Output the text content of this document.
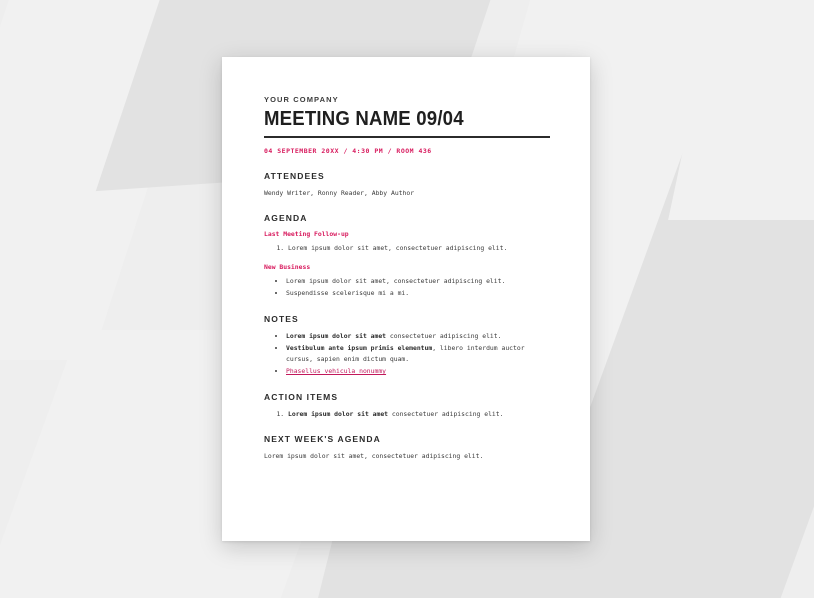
YOUR COMPANY
MEETING NAME 09/04
04 SEPTEMBER 20XX / 4:30 PM / ROOM 436
ATTENDEES

Wendy Writer, Ronny Reader, Abby Author

AGENDA
Last Meeting Follow-up
1. Lorem ipsum dolor sit amet, consectetuer adipiscing elit.
New Business
• Lorem ipsum dolor sit amet, consectetuer adipiscing elit.
• Suspendisse scelerisque mi a mi.
NOTES
• Lorem ipsum dolor sit amet consectetuer adipiscing elit.
• Vestibulum ante ipsum primis elementum, libero interdum auctor cursus, sapien enim dictum quam.
• Phasellus vehicula nonummy
ACTION ITEMS
1. Lorem ipsum dolor sit amet consectetuer adipiscing elit.
NEXT WEEK'S AGENDA

Lorem ipsum dolor sit amet, consectetuer adipiscing elit.
